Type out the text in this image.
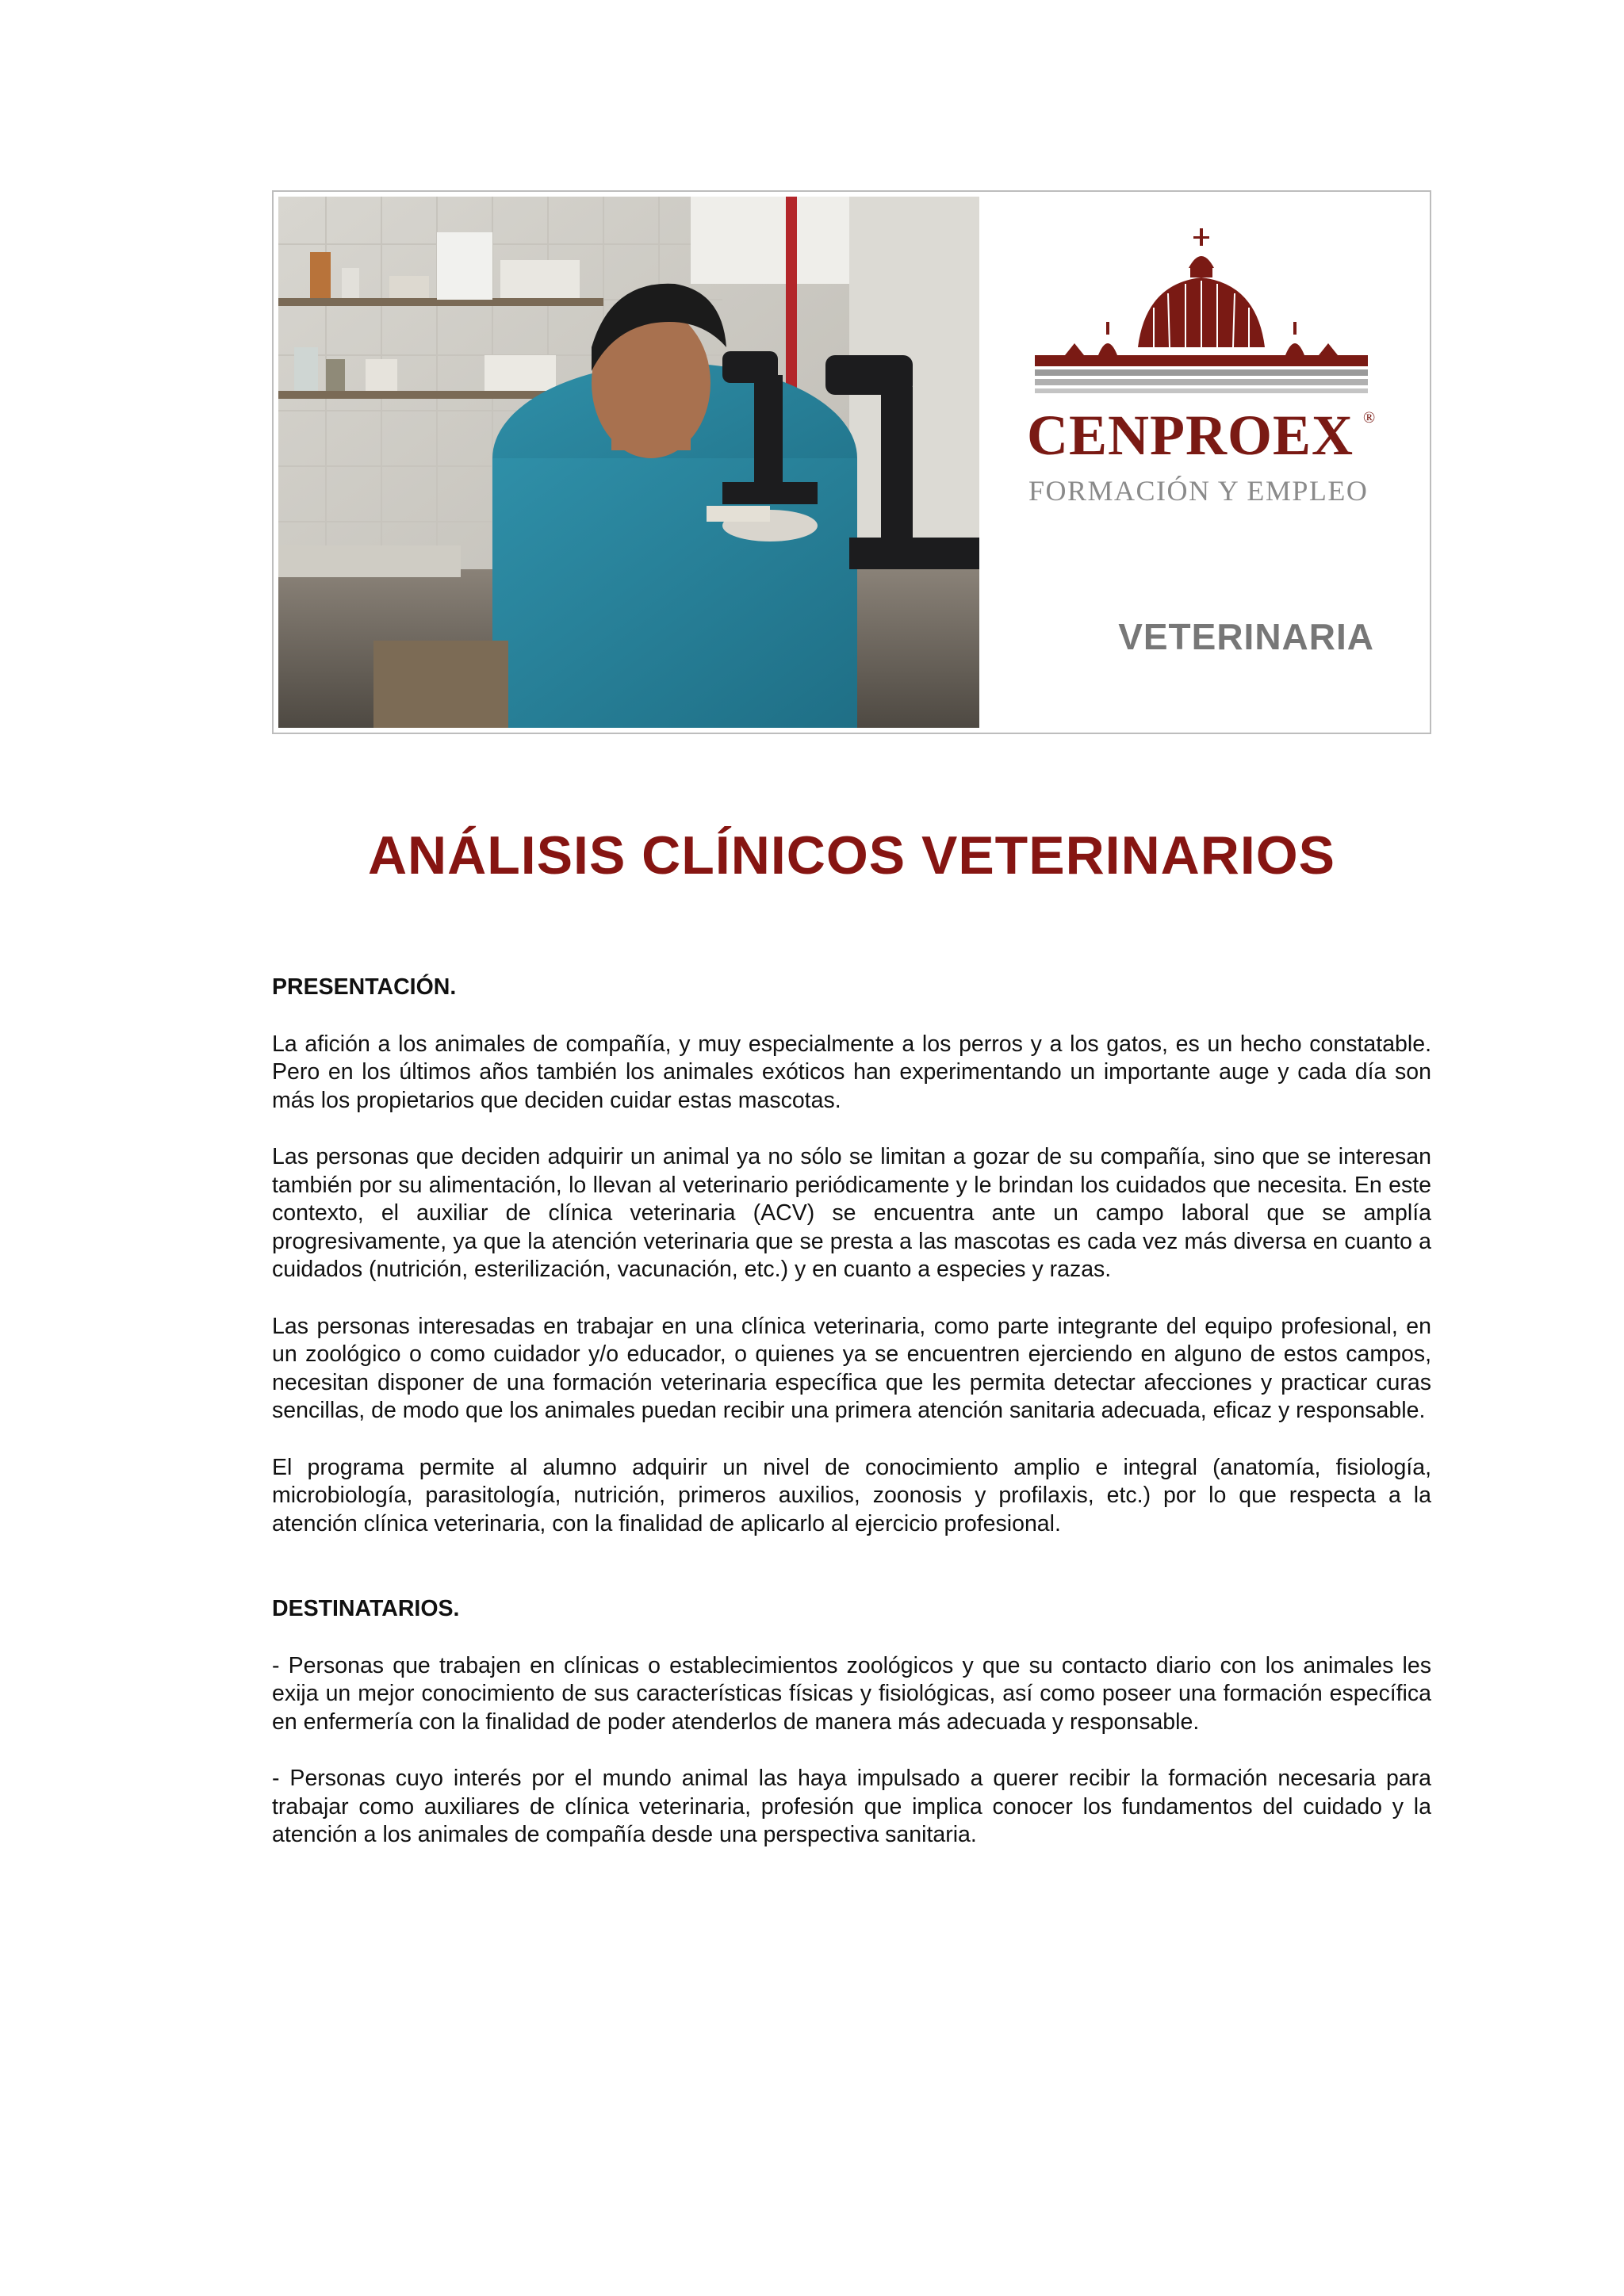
CENPROEX ®
FORMACIÓN Y EMPLEO
VETERINARIA
ANÁLISIS CLÍNICOS VETERINARIOS
PRESENTACIÓN.

La afición a los animales de compañía, y muy especialmente a los perros y a los gatos, es un hecho constatable. Pero en los últimos años también los animales exóticos han experimentando un importante auge y cada día son más los propietarios que deciden cuidar estas mascotas.

Las personas que deciden adquirir un animal ya no sólo se limitan a gozar de su compañía, sino que se interesan también por su alimentación, lo llevan al veterinario periódicamente y le brindan los cuidados que necesita. En este contexto, el auxiliar de clínica veterinaria (ACV) se encuentra ante un campo laboral que se amplía progresivamente, ya que la atención veterinaria que se presta a las mascotas es cada vez más diversa en cuanto a cuidados (nutrición, esterilización, vacunación, etc.) y en cuanto a especies y razas.

Las personas interesadas en trabajar en una clínica veterinaria, como parte integrante del equipo profesional, en un zoológico o como cuidador y/o educador, o quienes ya se encuentren ejerciendo en alguno de estos campos, necesitan disponer de una formación veterinaria específica que les permita detectar afecciones y practicar curas sencillas, de modo que los animales puedan recibir una primera atención sanitaria adecuada, eficaz y responsable.

El programa permite al alumno adquirir un nivel de conocimiento amplio e integral (anatomía, fisiología, microbiología, parasitología, nutrición, primeros auxilios, zoonosis y profilaxis, etc.) por lo que respecta a la atención clínica veterinaria, con la finalidad de aplicarlo al ejercicio profesional.

DESTINATARIOS.

- Personas que trabajen en clínicas o establecimientos zoológicos y que su contacto diario con los animales les exija un mejor conocimiento de sus características físicas y fisiológicas, así como poseer una formación específica en enfermería con la finalidad de poder atenderlos de manera más adecuada y responsable.

- Personas cuyo interés por el mundo animal las haya impulsado a querer recibir la formación necesaria para trabajar como auxiliares de clínica veterinaria, profesión que implica conocer los fundamentos del cuidado y la atención a los animales de compañía desde una perspectiva sanitaria.
